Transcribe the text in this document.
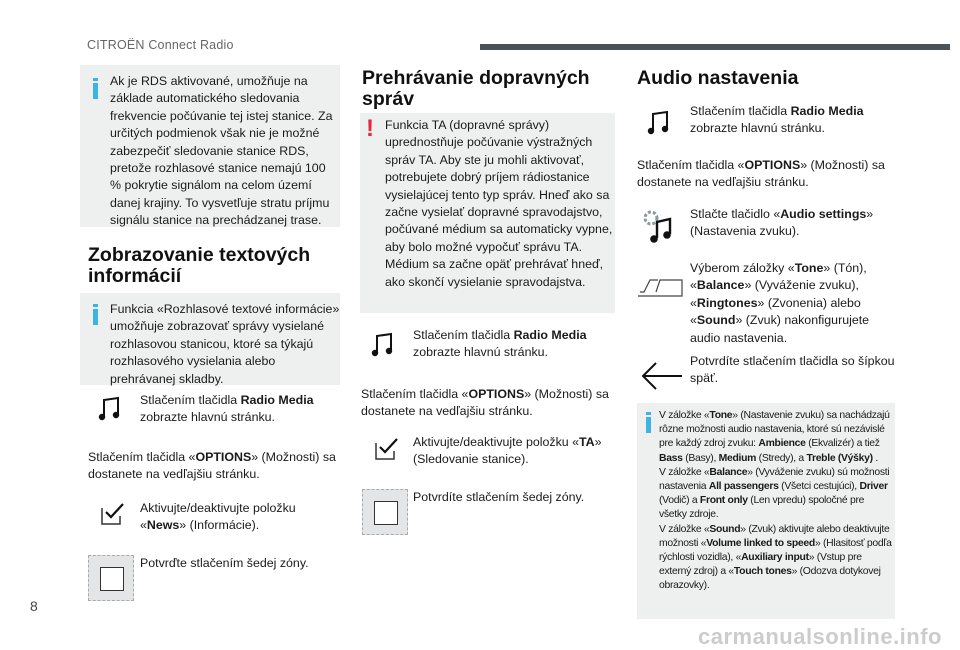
CITROËN Connect Radio
Ak je RDS aktivované, umožňuje na základe automatického sledovania frekvencie počúvanie tej istej stanice. Za určitých podmienok však nie je možné zabezpečiť sledovanie stanice RDS, pretože rozhlasové stanice nemajú 100 % pokrytie signálom na celom území danej krajiny. To vysvetľuje stratu príjmu signálu stanice na prechádzanej trase.
Zobrazovanie textových informácií
Funkcia «Rozhlasové textové informácie» umožňuje zobrazovať správy vysielané rozhlasovou stanicou, ktoré sa týkajú rozhlasového vysielania alebo prehrávanej skladby.
Stlačením tlačidla Radio Media zobrazte hlavnú stránku.
Stlačením tlačidla «OPTIONS» (Možnosti) sa dostanete na vedľajšiu stránku.
Aktivujte/deaktivujte položku «News» (Informácie).
Potvrďte stlačením šedej zóny.
Prehrávanie dopravných správ
! Funkcia TA (dopravné správy) uprednostňuje počúvanie výstražných správ TA. Aby ste ju mohli aktivovať, potrebujete dobrý príjem rádiostanice vysielajúcej tento typ správ. Hneď ako sa začne vysielať dopravné spravodajstvo, počúvané médium sa automaticky vypne, aby bolo možné vypočuť správu TA. Médium sa začne opäť prehrávať hneď, ako skončí vysielanie spravodajstva.
Stlačením tlačidla Radio Media zobrazte hlavnú stránku.
Stlačením tlačidla «OPTIONS» (Možnosti) sa dostanete na vedľajšiu stránku.
Aktivujte/deaktivujte položku «TA» (Sledovanie stanice).
Potvrdíte stlačením šedej zóny.
Audio nastavenia
Stlačením tlačidla Radio Media zobrazte hlavnú stránku.
Stlačením tlačidla «OPTIONS» (Možnosti) sa dostanete na vedľajšiu stránku.
Stlačte tlačidlo «Audio settings» (Nastavenia zvuku).
Výberom záložky «Tone» (Tón), «Balance» (Vyváženie zvuku), «Ringtones» (Zvonenia) alebo «Sound» (Zvuk) nakonfigurujete audio nastavenia.
Potvrdíte stlačením tlačidla so šípkou späť.
V záložke «Tone» (Nastavenie zvuku) sa nachádzajú rôzne možnosti audio nastavenia, ktoré sú nezávislé pre každý zdroj zvuku: Ambience (Ekvalizér) a tiež Bass (Basy), Medium (Stredy), a Treble (Výšky) .
V záložke «Balance» (Vyváženie zvuku) sú možnosti nastavenia All passengers (Všetci cestujúci), Driver (Vodič) a Front only (Len vpredu) spoločné pre všetky zdroje.
V záložke «Sound» (Zvuk) aktivujte alebo deaktivujte možnosti «Volume linked to speed» (Hlasitosť podľa rýchlosti vozidla), «Auxiliary input» (Vstup pre externý zdroj) a «Touch tones» (Odozva dotykovej obrazovky).
8
carmanualsonline.info
